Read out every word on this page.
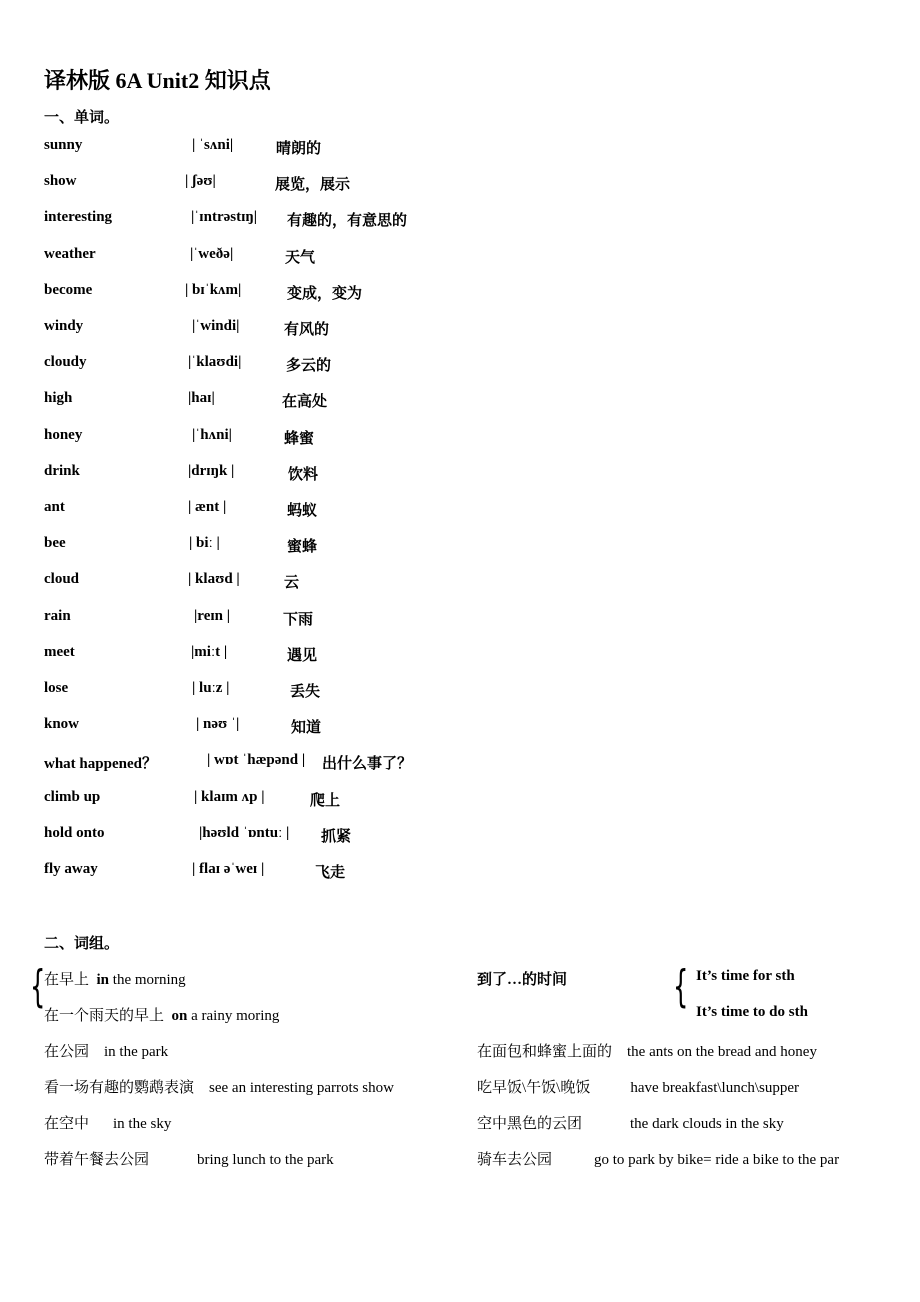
译林版 6A Unit2 知识点
一、单词。
sunny	| ˈsʌni|	晴朗的
show	| ʃəʊ|	展览，展示
interesting	|ˈɪntrəstɪŋ| 有趣的，有意思的
weather	|ˈweðə|	天气
become	| bɪˈkʌm|	变成，变为
windy	|ˈwindi|	有风的
cloudy	|ˈklaʊdi|	多云的
high	|haɪ|	在高处
honey	|ˈhʌni|	蜂蜜
drink	|drɪŋk |	饮料
ant	| ænt |	蚂蚁
bee	| biː |	蜜蜂
cloud	| klaʊd |	云
rain	|reɪn |	下雨
meet	|miːt |	遇见
lose	| luːz |	丢失
know	| nəʊ ˈ|	知道
what happened？	| wɒt ˈhæpənd | 出什么事了？
climb up	| klaɪm ʌp |	爬上
hold onto	|həʊld ˈɒntuː | 抓紧
fly away	| flaɪ əˈweɪ |	飞走
二、词组。
{
在早上 in the morning
在一个雨天的早上 on a rainy moring
到了…的时间 { It’s time for sth
It’s time to do sth
在公园 in the park	在面包和蜂蜜上面的 the ants on the bread and honey
看一场有趣的鹦鹉表演 see an interesting parrots show	吃早饭\午饭\晚饭	have breakfast\lunch\supper
在空中 in the sky	空中黑色的云团	the dark clouds in the sky
带着午餐去公园	bring lunch to the park	骑车去公园	go to park by bike= ride a bike to the par
